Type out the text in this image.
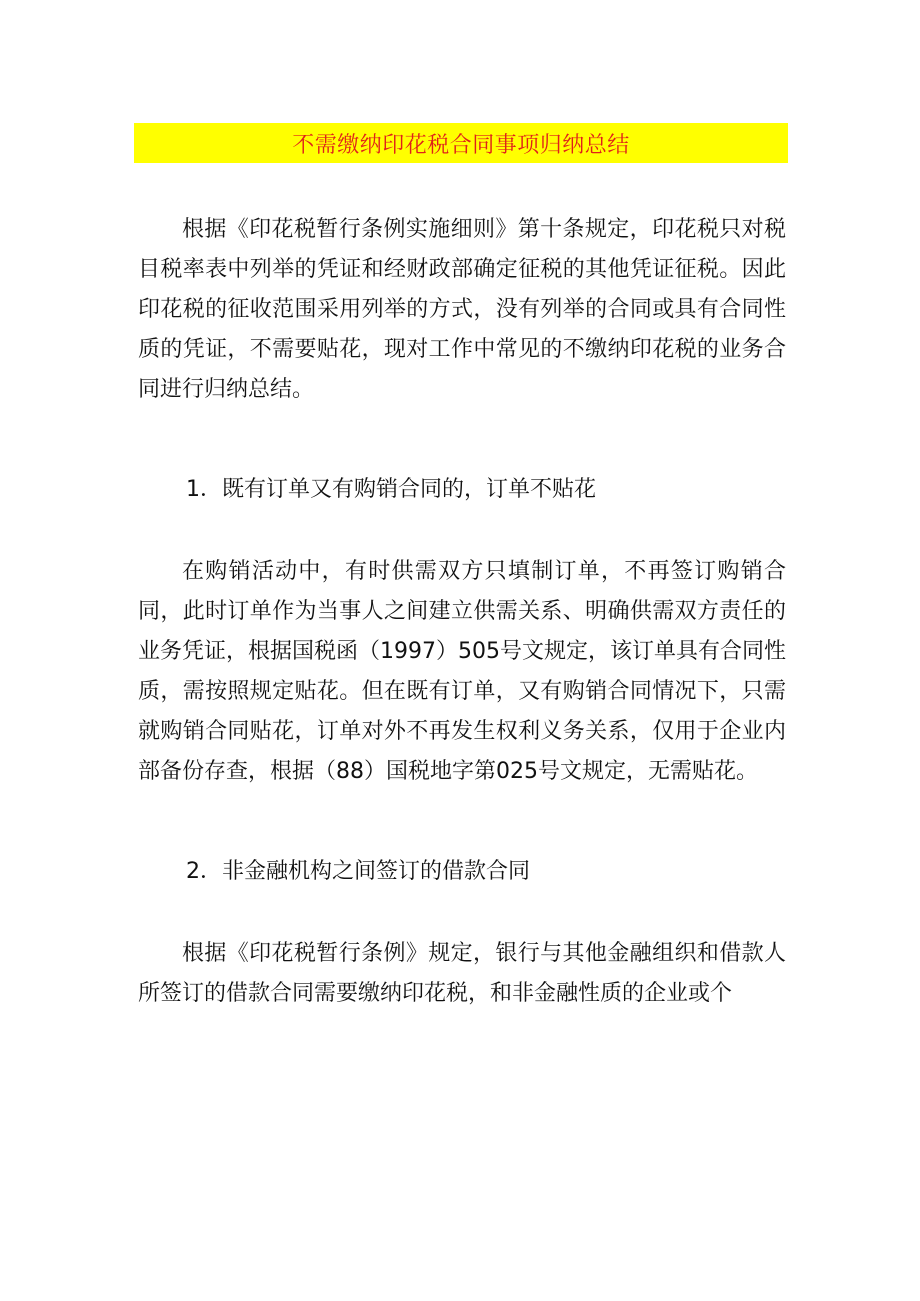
不需缴纳印花税合同事项归纳总结

根据《印花税暂行条例实施细则》第十条规定，印花税只对税目税率表中列举的凭证和经财政部确定征税的其他凭证征税。因此印花税的征收范围采用列举的方式，没有列举的合同或具有合同性质的凭证，不需要贴花，现对工作中常见的不缴纳印花税的业务合同进行归纳总结。

1．既有订单又有购销合同的，订单不贴花

在购销活动中，有时供需双方只填制订单，不再签订购销合同，此时订单作为当事人之间建立供需关系、明确供需双方责任的业务凭证，根据国税函（1997）505号文规定，该订单具有合同性质，需按照规定贴花。但在既有订单，又有购销合同情况下，只需就购销合同贴花，订单对外不再发生权利义务关系，仅用于企业内部备份存查，根据（88）国税地字第025号文规定，无需贴花。

2．非金融机构之间签订的借款合同

根据《印花税暂行条例》规定，银行与其他金融组织和借款人所签订的借款合同需要缴纳印花税，和非金融性质的企业或个
